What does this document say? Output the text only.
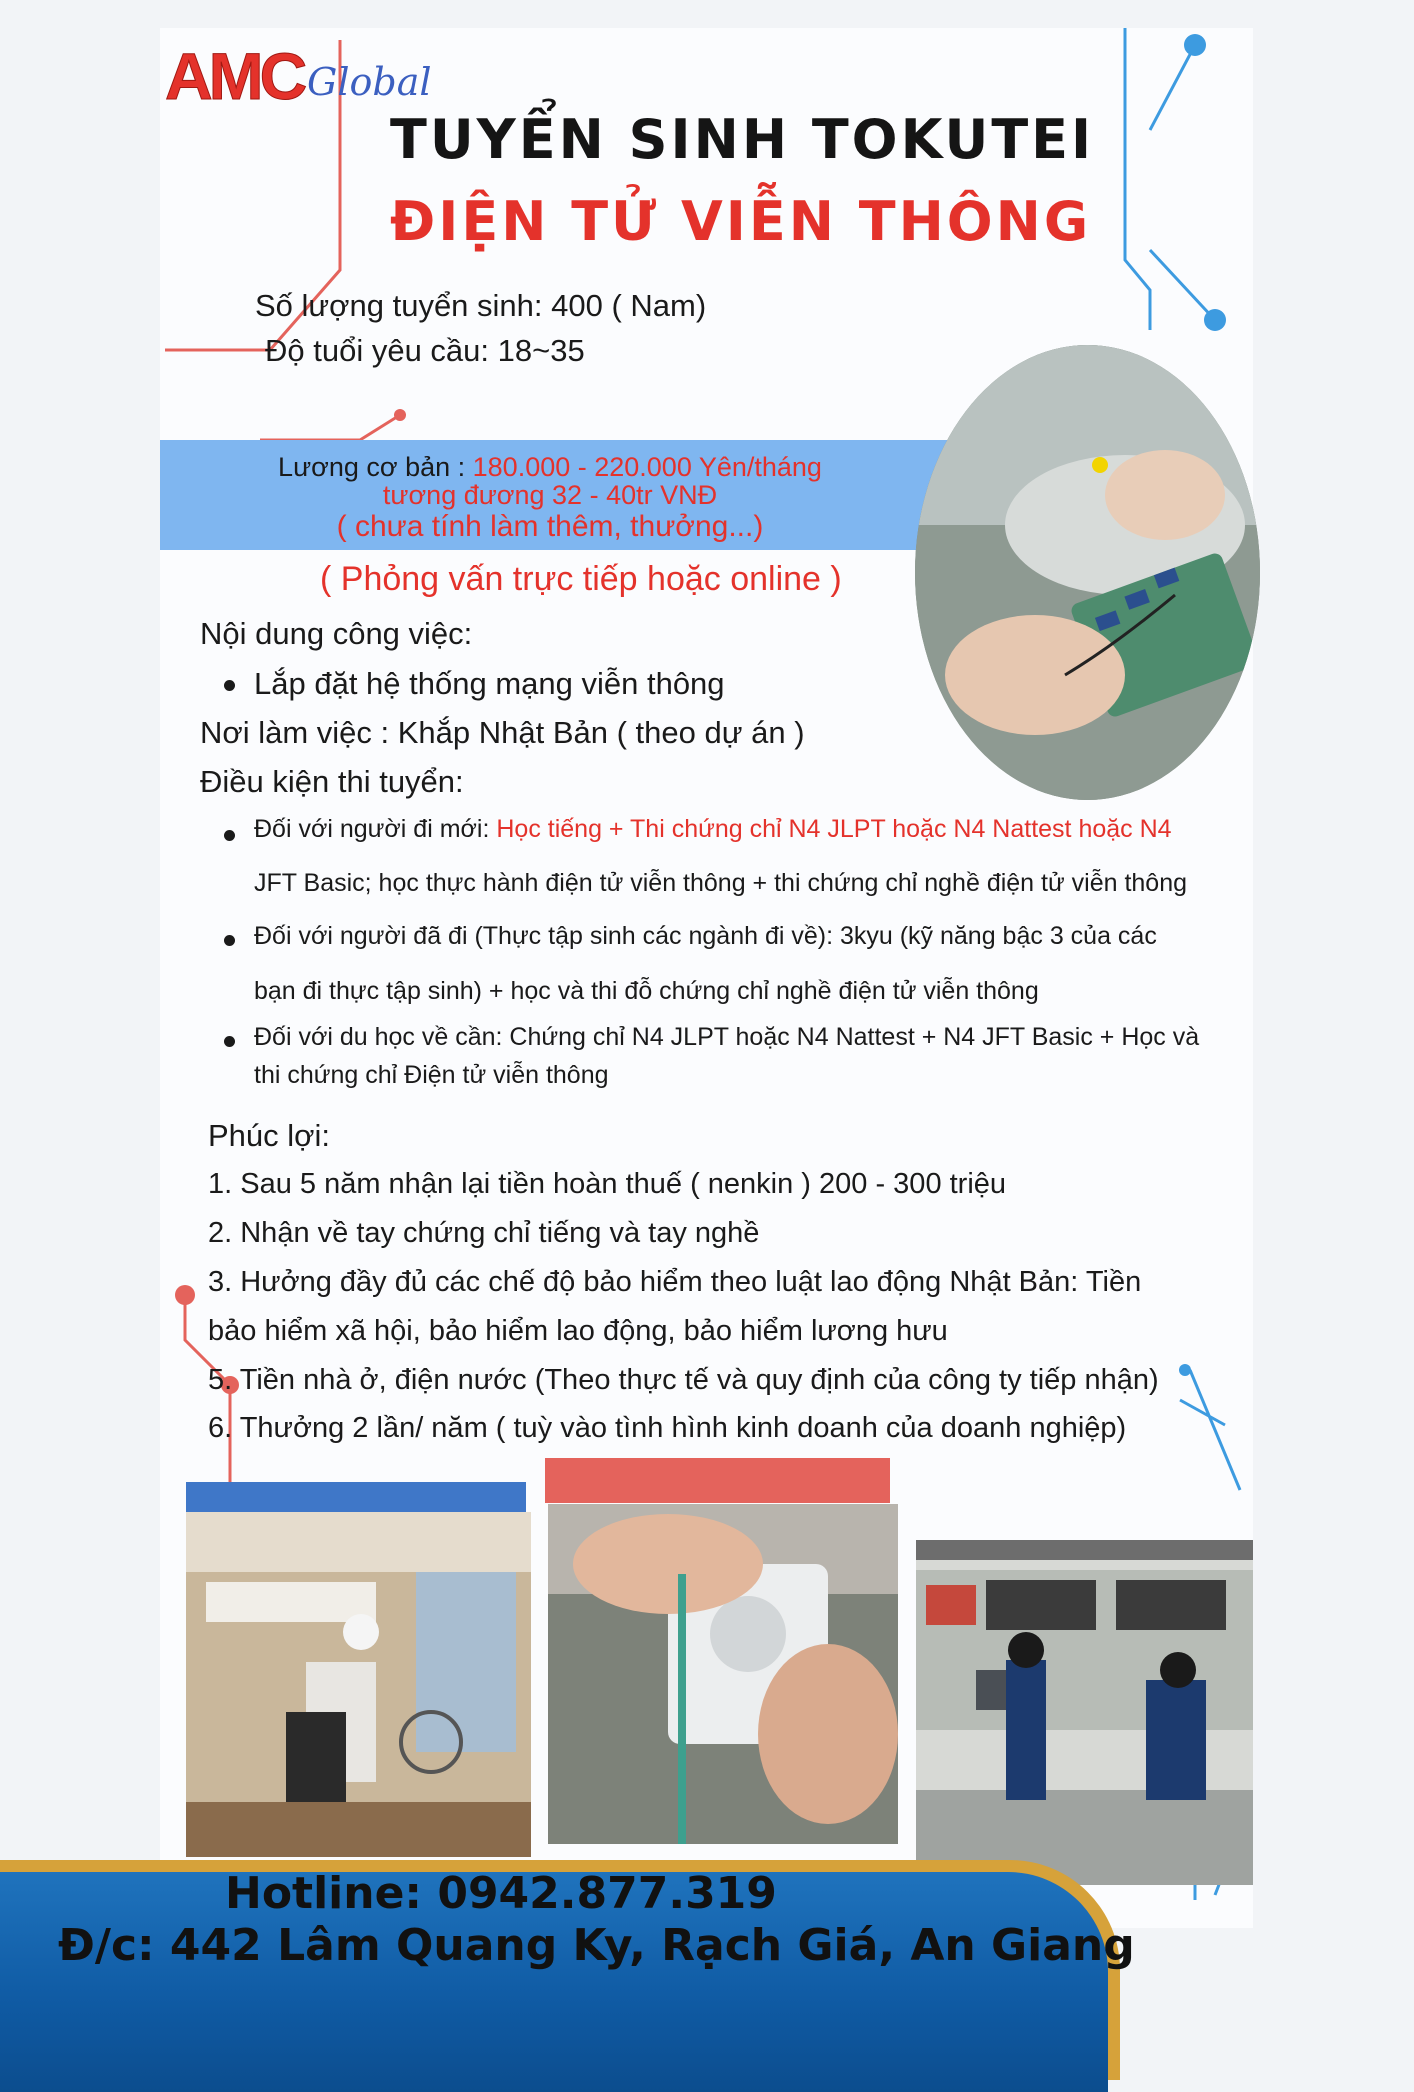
AMC Global
TUYỂN SINH TOKUTEI
ĐIỆN TỬ VIỄN THÔNG
Số lượng tuyển sinh: 400 ( Nam)
Độ tuổi yêu cầu: 18~35
Lương cơ bản : 180.000 - 220.000 Yên/tháng
tương đương 32 - 40tr VNĐ
( chưa tính làm thêm, thưởng...)
( Phỏng vấn trực tiếp hoặc online )
Nội dung công việc:
Lắp đặt hệ thống mạng viễn thông
Nơi làm việc : Khắp Nhật Bản ( theo dự án )
Điều kiện thi tuyển:
Đối với người đi mới: Học tiếng + Thi chứng chỉ N4 JLPT hoặc N4 Nattest hoặc N4
JFT Basic; học thực hành điện tử viễn thông + thi chứng chỉ nghề điện tử viễn thông
Đối với người đã đi (Thực tập sinh các ngành đi về): 3kyu (kỹ năng bậc 3 của các
bạn đi thực tập sinh) + học và thi đỗ chứng chỉ nghề điện tử viễn thông
Đối với du học về cần: Chứng chỉ N4 JLPT hoặc N4 Nattest + N4 JFT Basic + Học và
thi chứng chỉ Điện tử viễn thông
Phúc lợi:
1. Sau 5 năm nhận lại tiền hoàn thuế ( nenkin ) 200 - 300 triệu
2. Nhận về tay chứng chỉ tiếng và tay nghề
3. Hưởng đầy đủ các chế độ bảo hiểm theo luật lao động Nhật Bản: Tiền
bảo hiểm xã hội, bảo hiểm lao động, bảo hiểm lương hưu
5. Tiền nhà ở, điện nước (Theo thực tế và quy định của công ty tiếp nhận)
6. Thưởng 2 lần/ năm ( tuỳ vào tình hình kinh doanh của doanh nghiệp)
Hotline: 0942.877.319
Đ/c: 442 Lâm Quang Ky, Rạch Giá, An Giang
